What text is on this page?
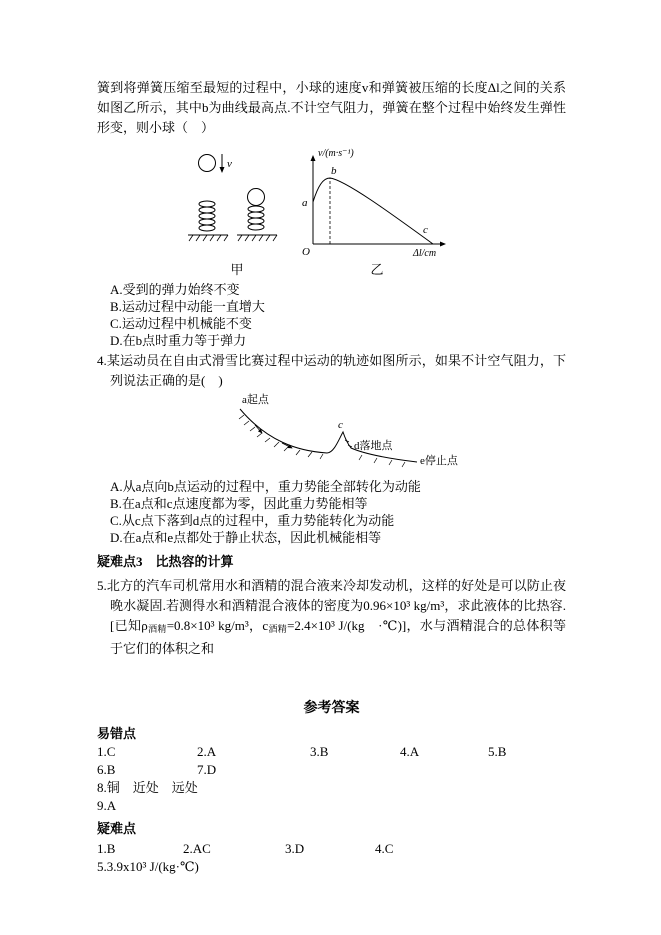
簧到将弹簧压缩至最短的过程中，小球的速度v和弹簧被压缩的长度Δl之间的关系如图乙所示，其中b为曲线最高点.不计空气阻力，弹簧在整个过程中始终发生弹性形变，则小球（　）

v
甲
v/(m·s⁻¹)
O	Δl/cm
a
b
c
乙
A.受到的弹力始终不变
B.运动过程中动能一直增大
C.运动过程中机械能不变
D.在b点时重力等于弹力

4.某运动员在自由式滑雪比赛过程中运动的轨迹如图所示，如果不计空气阻力，下列说法正确的是(　)

a起点
c
d落地点
e停止点
A.从a点向b点运动的过程中，重力势能全部转化为动能
B.在a点和c点速度都为零，因此重力势能相等
C.从c点下落到d点的过程中，重力势能转化为动能
D.在a点和e点都处于静止状态，因此机械能相等

疑难点3　比热容的计算

5.北方的汽车司机常用水和酒精的混合液来冷却发动机，这样的好处是可以防止夜晚水凝固.若测得水和酒精混合液体的密度为0.96×10³ kg/m³，求此液体的比热容.[已知$\rho_{酒精}=0.8\times 10^3$ kg/m³，$c_{酒精}=2.4\times 10^3$ J/(kg　·℃)]，水与酒精混合的总体积等于它们的体积之和

参考答案

易错点

1.C	2.A	3.B	4.A	5.B
6.B	7.D
8.铜　近处　远处
9.A

疑难点

1.B	2.AC	3.D	4.C
5.3.9x10³ J/(kg·℃)
